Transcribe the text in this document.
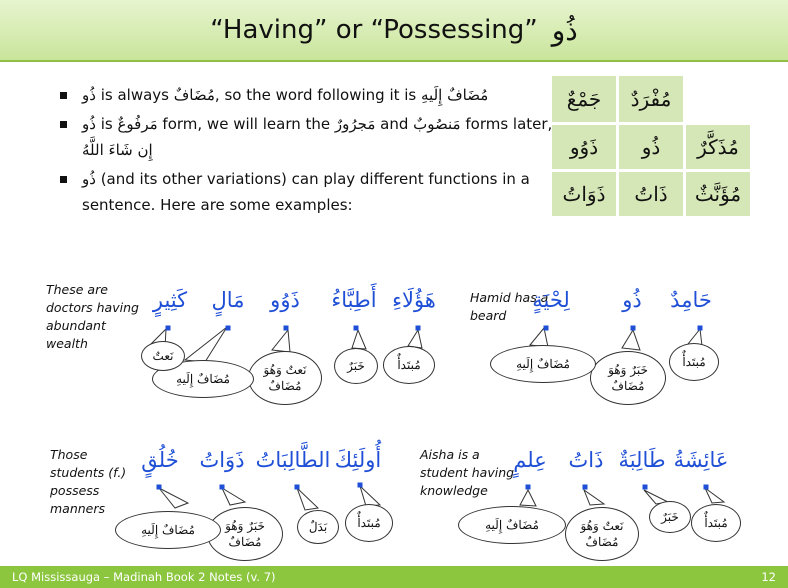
“Having” or “Possessing” ذُو
ذُو is always مُضَافٌ, so the word following it is مُضَافٌ إِلَيهِ
ذُو is مَرفُوعٌ form, we will learn the مَجرُورٌ and مَنصُوبٌ forms later, إِن شَاءَ اللَّهُ
ذُو (and its other variations) can play different functions in a sentence. Here are some examples:
جَمْعٌ	مُفْرَدٌ
ذَوُو	ذُو	مُذَكَّرٌ
ذَوَاتُ	ذَاتُ	مُؤَنَّثٌ
These are doctors having abundant wealth
هَؤُلَاءِ
أَطِبَّاءُ
ذَوُو
مَالٍ
كَثِيرٍ
مُبتَدأٌ
خَبَرٌ
نَعتٌ وَهُوَ مُضَافٌ
مُضَافٌ إِلَيهِ
نَعتٌ
Hamid has a beard
حَامِدٌ
ذُو
لِحْيَةٍ
مُبتَدأٌ
خَبَرٌ وَهُوَ مُضَافٌ
مُضَافٌ إِلَيهِ
Those students (f.) possess manners
أُولَئِكَ
الطَّالِبَاتُ
ذَوَاتُ
خُلُقٍ
مُبتَدأٌ
بَدَلٌ
خَبَرٌ وَهُوَ مُضَافٌ
مُضَافٌ إِلَيهِ
Aisha is a student having knowledge
عَائِشَةُ
طَالِبَةٌ
ذَاتُ
عِلمٍ
مُبتَدأٌ
خَبَرٌ
نَعتٌ وَهُوَ مُضَافٌ
مُضَافٌ إِلَيهِ
LQ Mississauga – Madinah Book 2 Notes (v. 7)	12
